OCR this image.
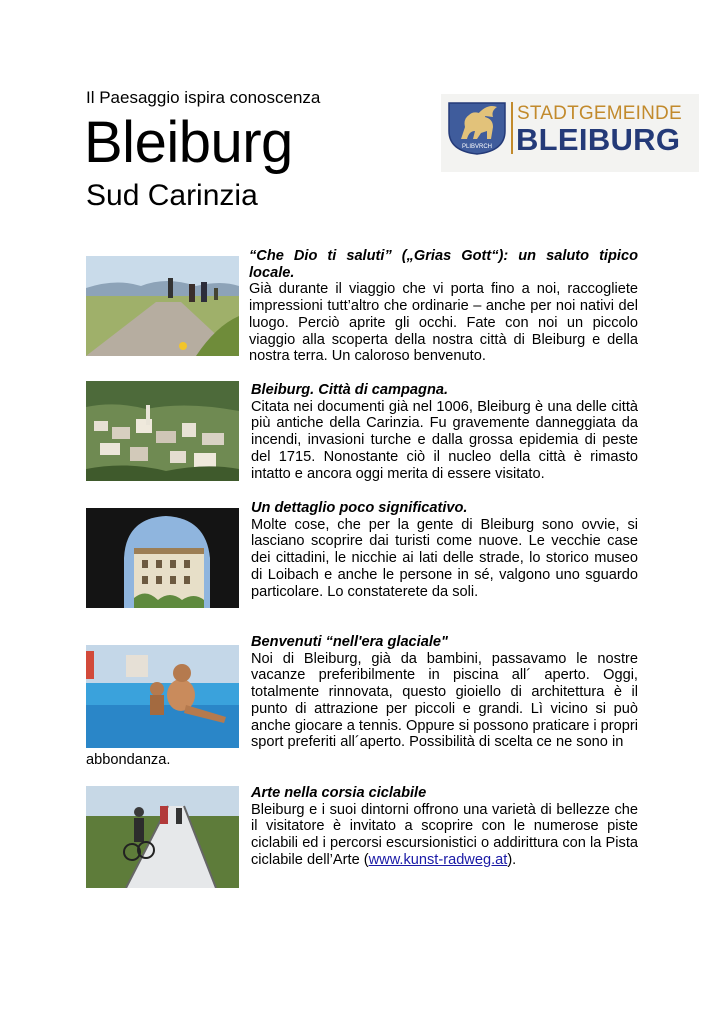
Il Paesaggio ispira conoscenza
Bleiburg
Sud Carinzia
PLIBVRCH
STADTGEMEINDE
BLEIBURG
“Che Dio ti saluti” („Grias Gott“): un saluto tipico locale.

Già durante il viaggio che vi porta fino a noi, raccogliete impressioni tutt’altro che ordinarie – anche per noi nativi del luogo. Perciò aprite gli occhi. Fate con noi un piccolo viaggio alla scoperta della nostra città di Bleiburg e della nostra terra. Un caloroso benvenuto.

Bleiburg. Città di campagna.

Citata nei documenti già nel 1006, Bleiburg è una delle città più antiche della Carinzia. Fu gravemente danneggiata da incendi, invasioni turche e dalla grossa epidemia di peste del 1715. Nonostante ciò il nucleo della città è rimasto intatto e ancora oggi merita di essere visitato.

Un dettaglio poco significativo.

Molte cose, che per la gente di Bleiburg sono ovvie, si lasciano scoprire dai turisti come nuove. Le vecchie case dei cittadini, le nicchie ai lati delle strade, lo storico museo di Loibach e anche le persone in sé, valgono uno sguardo particolare. Lo constaterete da soli.

Benvenuti “nell'era glaciale"

Noi di Bleiburg, già da bambini, passavamo le nostre vacanze preferibilmente in piscina all´ aperto. Oggi, totalmente rinnovata, questo gioiello di architettura è il punto di attrazione per piccoli e grandi. Lì vicino si può anche giocare a tennis. Oppure si possono praticare i propri sport preferiti all´aperto. Possibilità di scelta ce ne sono in

abbondanza.
Arte nella corsia ciclabile

Bleiburg e i suoi dintorni offrono una varietà di bellezze che il visitatore è invitato a scoprire con le numerose piste ciclabili ed i percorsi escursionistici o addirittura con la Pista ciclabile dell’Arte (www.kunst-radweg.at).
